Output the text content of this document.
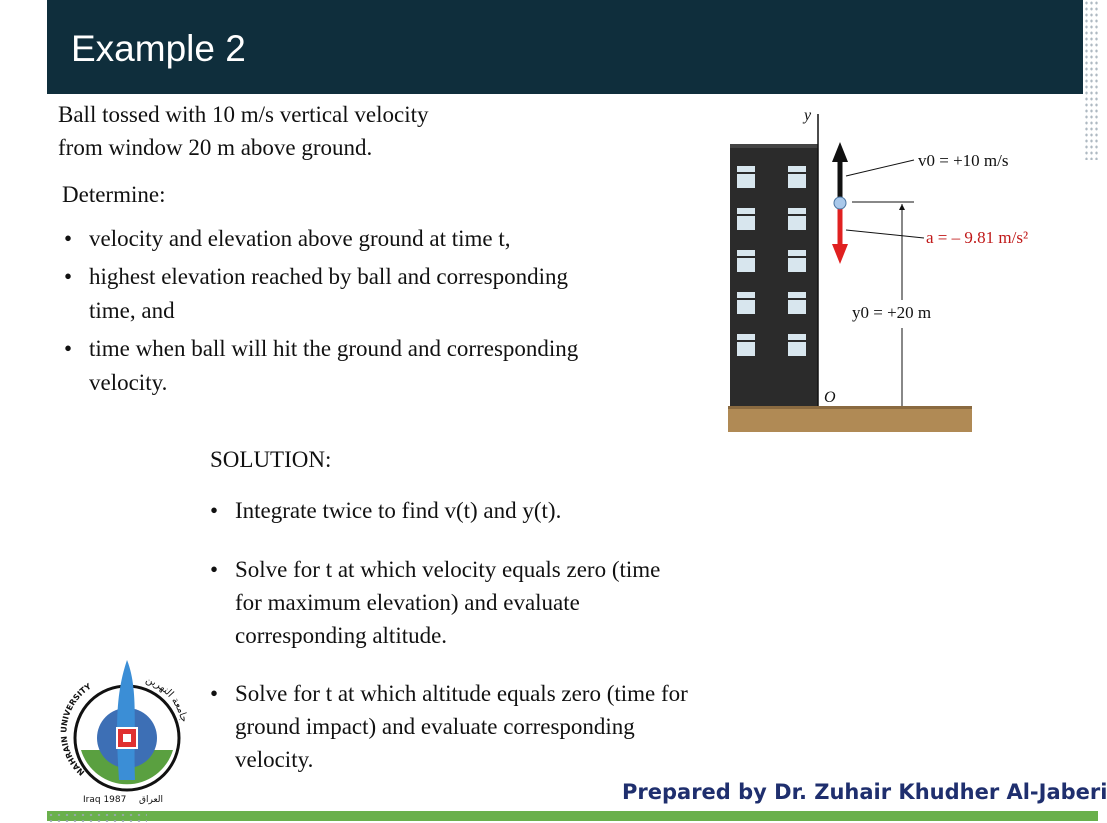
Example 2
Ball tossed with 10 m/s vertical velocity
from window 20 m above ground.
Determine:
• velocity and elevation above ground at time t,
• highest elevation reached by ball and corresponding time, and
• time when ball will hit the ground and corresponding velocity.
SOLUTION:
• Integrate twice to find v(t) and y(t).
• Solve for t at which velocity equals zero (time for maximum elevation) and evaluate corresponding altitude.
• Solve for t at which altitude equals zero (time for ground impact) and evaluate corresponding velocity.
y
O
v0 = +10 m/s
a = – 9.81 m/s²
y0 = +20 m
NAHRAIN UNIVERSITY	جامعة النهرين
Iraq 1987 العراق	Prepared by Dr. Zuhair Khudher Al-Jaberi
